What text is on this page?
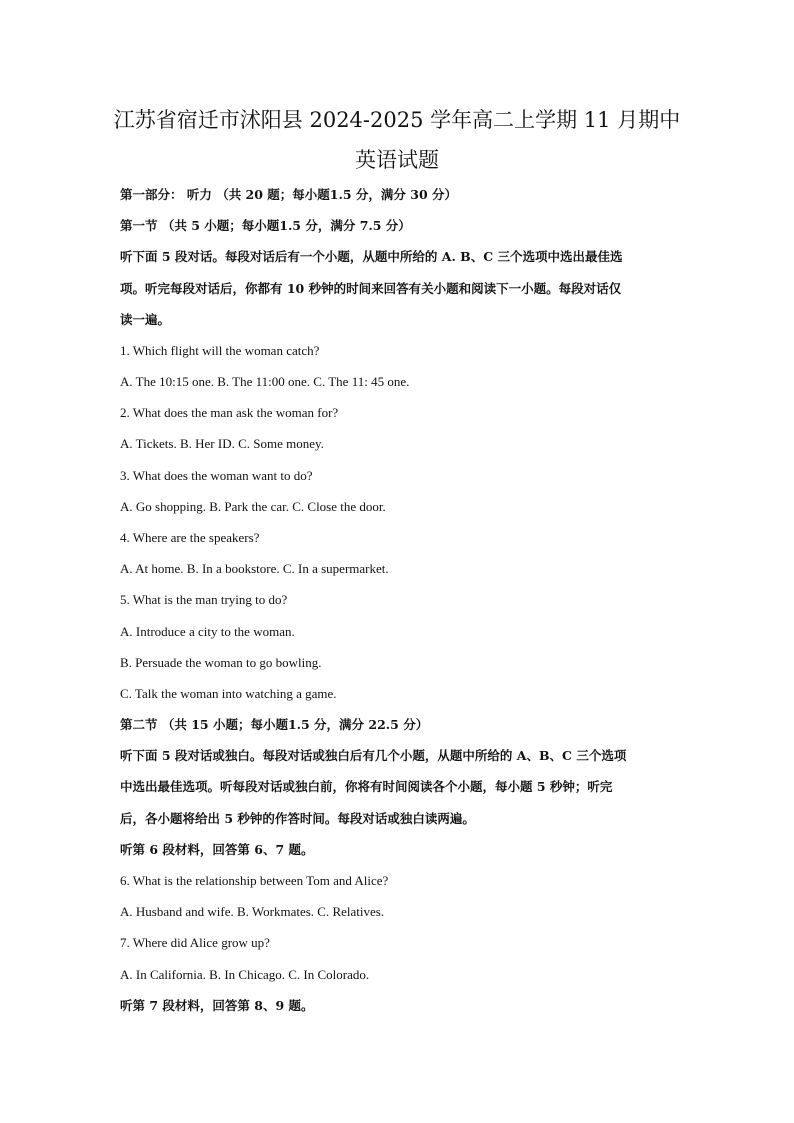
江苏省宿迁市沭阳县 2024-2025 学年高二上学期 11 月期中
英语试题
第一部分： 听力 （共 20 题；每小题1.5 分，满分 30 分）
第一节 （共 5 小题；每小题1.5 分，满分 7.5 分）
听下面 5 段对话。每段对话后有一个小题，从题中所给的 A. B、C 三个选项中选出最佳选
项。听完每段对话后，你都有 10 秒钟的时间来回答有关小题和阅读下一小题。每段对话仅
读一遍。
1. Which flight will the woman catch?
A. The 10:15 one. B. The 11:00 one. C. The 11: 45 one.
2. What does the man ask the woman for?
A. Tickets. B. Her ID. C. Some money.
3. What does the woman want to do?
A. Go shopping. B. Park the car. C. Close the door.
4. Where are the speakers?
A. At home. B. In a bookstore. C. In a supermarket.
5. What is the man trying to do?
A. Introduce a city to the woman.
B. Persuade the woman to go bowling.
C. Talk the woman into watching a game.
第二节 （共 15 小题；每小题1.5 分，满分 22.5 分）
听下面 5 段对话或独白。每段对话或独白后有几个小题，从题中所给的 A、B、C 三个选项
中选出最佳选项。听每段对话或独白前，你将有时间阅读各个小题，每小题 5 秒钟；听完
后，各小题将给出 5 秒钟的作答时间。每段对话或独白读两遍。
听第 6 段材料，回答第 6、7 题。
6. What is the relationship between Tom and Alice?
A. Husband and wife. B. Workmates. C. Relatives.
7. Where did Alice grow up?
A. In California. B. In Chicago. C. In Colorado.
听第 7 段材料，回答第 8、9 题。
